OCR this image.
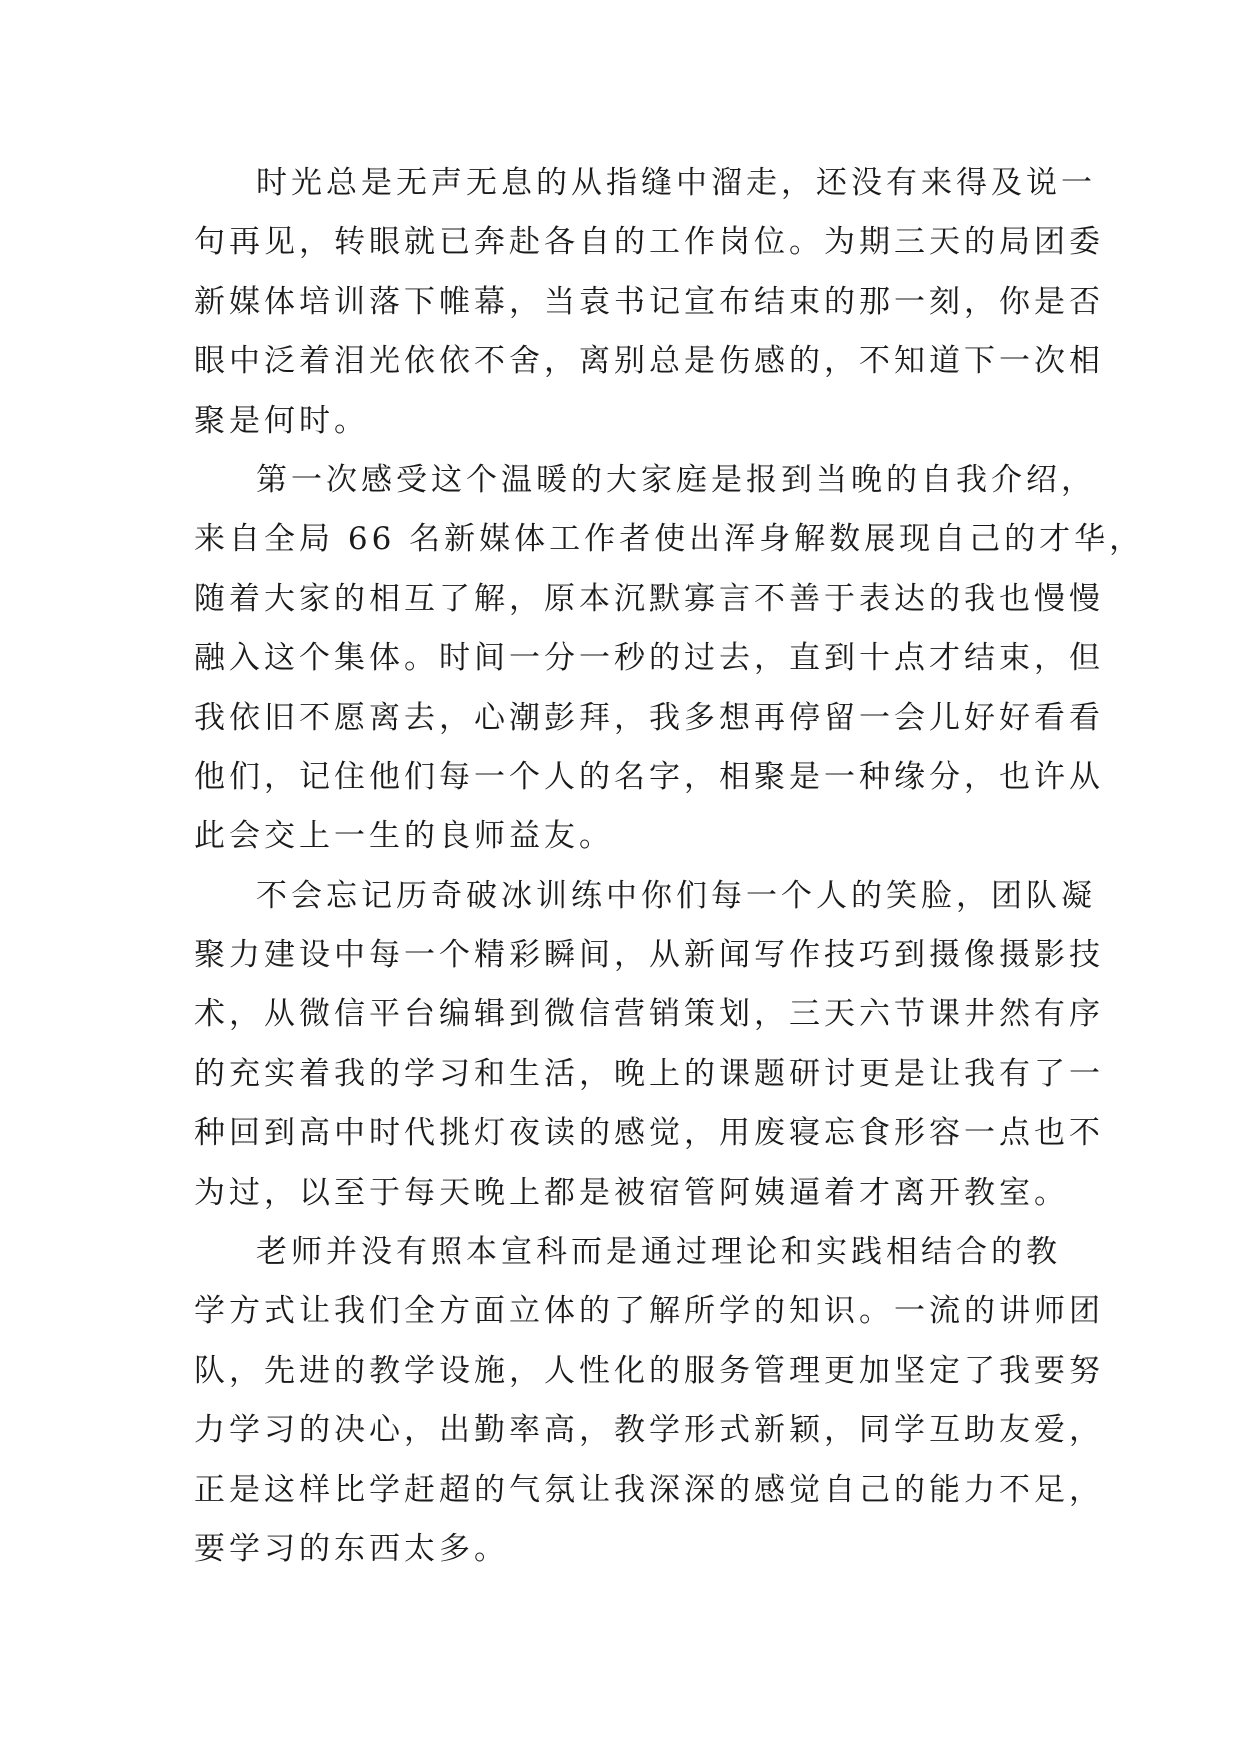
时光总是无声无息的从指缝中溜走，还没有来得及说一
句再见，转眼就已奔赴各自的工作岗位。为期三天的局团委
新媒体培训落下帷幕，当袁书记宣布结束的那一刻，你是否
眼中泛着泪光依依不舍，离别总是伤感的，不知道下一次相
聚是何时。

第一次感受这个温暖的大家庭是报到当晚的自我介绍，
来自全局 66 名新媒体工作者使出浑身解数展现自己的才华，
随着大家的相互了解，原本沉默寡言不善于表达的我也慢慢
融入这个集体。时间一分一秒的过去，直到十点才结束，但
我依旧不愿离去，心潮彭拜，我多想再停留一会儿好好看看
他们，记住他们每一个人的名字，相聚是一种缘分，也许从
此会交上一生的良师益友。

不会忘记历奇破冰训练中你们每一个人的笑脸，团队凝
聚力建设中每一个精彩瞬间，从新闻写作技巧到摄像摄影技
术，从微信平台编辑到微信营销策划，三天六节课井然有序
的充实着我的学习和生活，晚上的课题研讨更是让我有了一
种回到高中时代挑灯夜读的感觉，用废寝忘食形容一点也不
为过，以至于每天晚上都是被宿管阿姨逼着才离开教室。

老师并没有照本宣科而是通过理论和实践相结合的教
学方式让我们全方面立体的了解所学的知识。一流的讲师团
队，先进的教学设施，人性化的服务管理更加坚定了我要努
力学习的决心，出勤率高，教学形式新颖，同学互助友爱，
正是这样比学赶超的气氛让我深深的感觉自己的能力不足，
要学习的东西太多。
